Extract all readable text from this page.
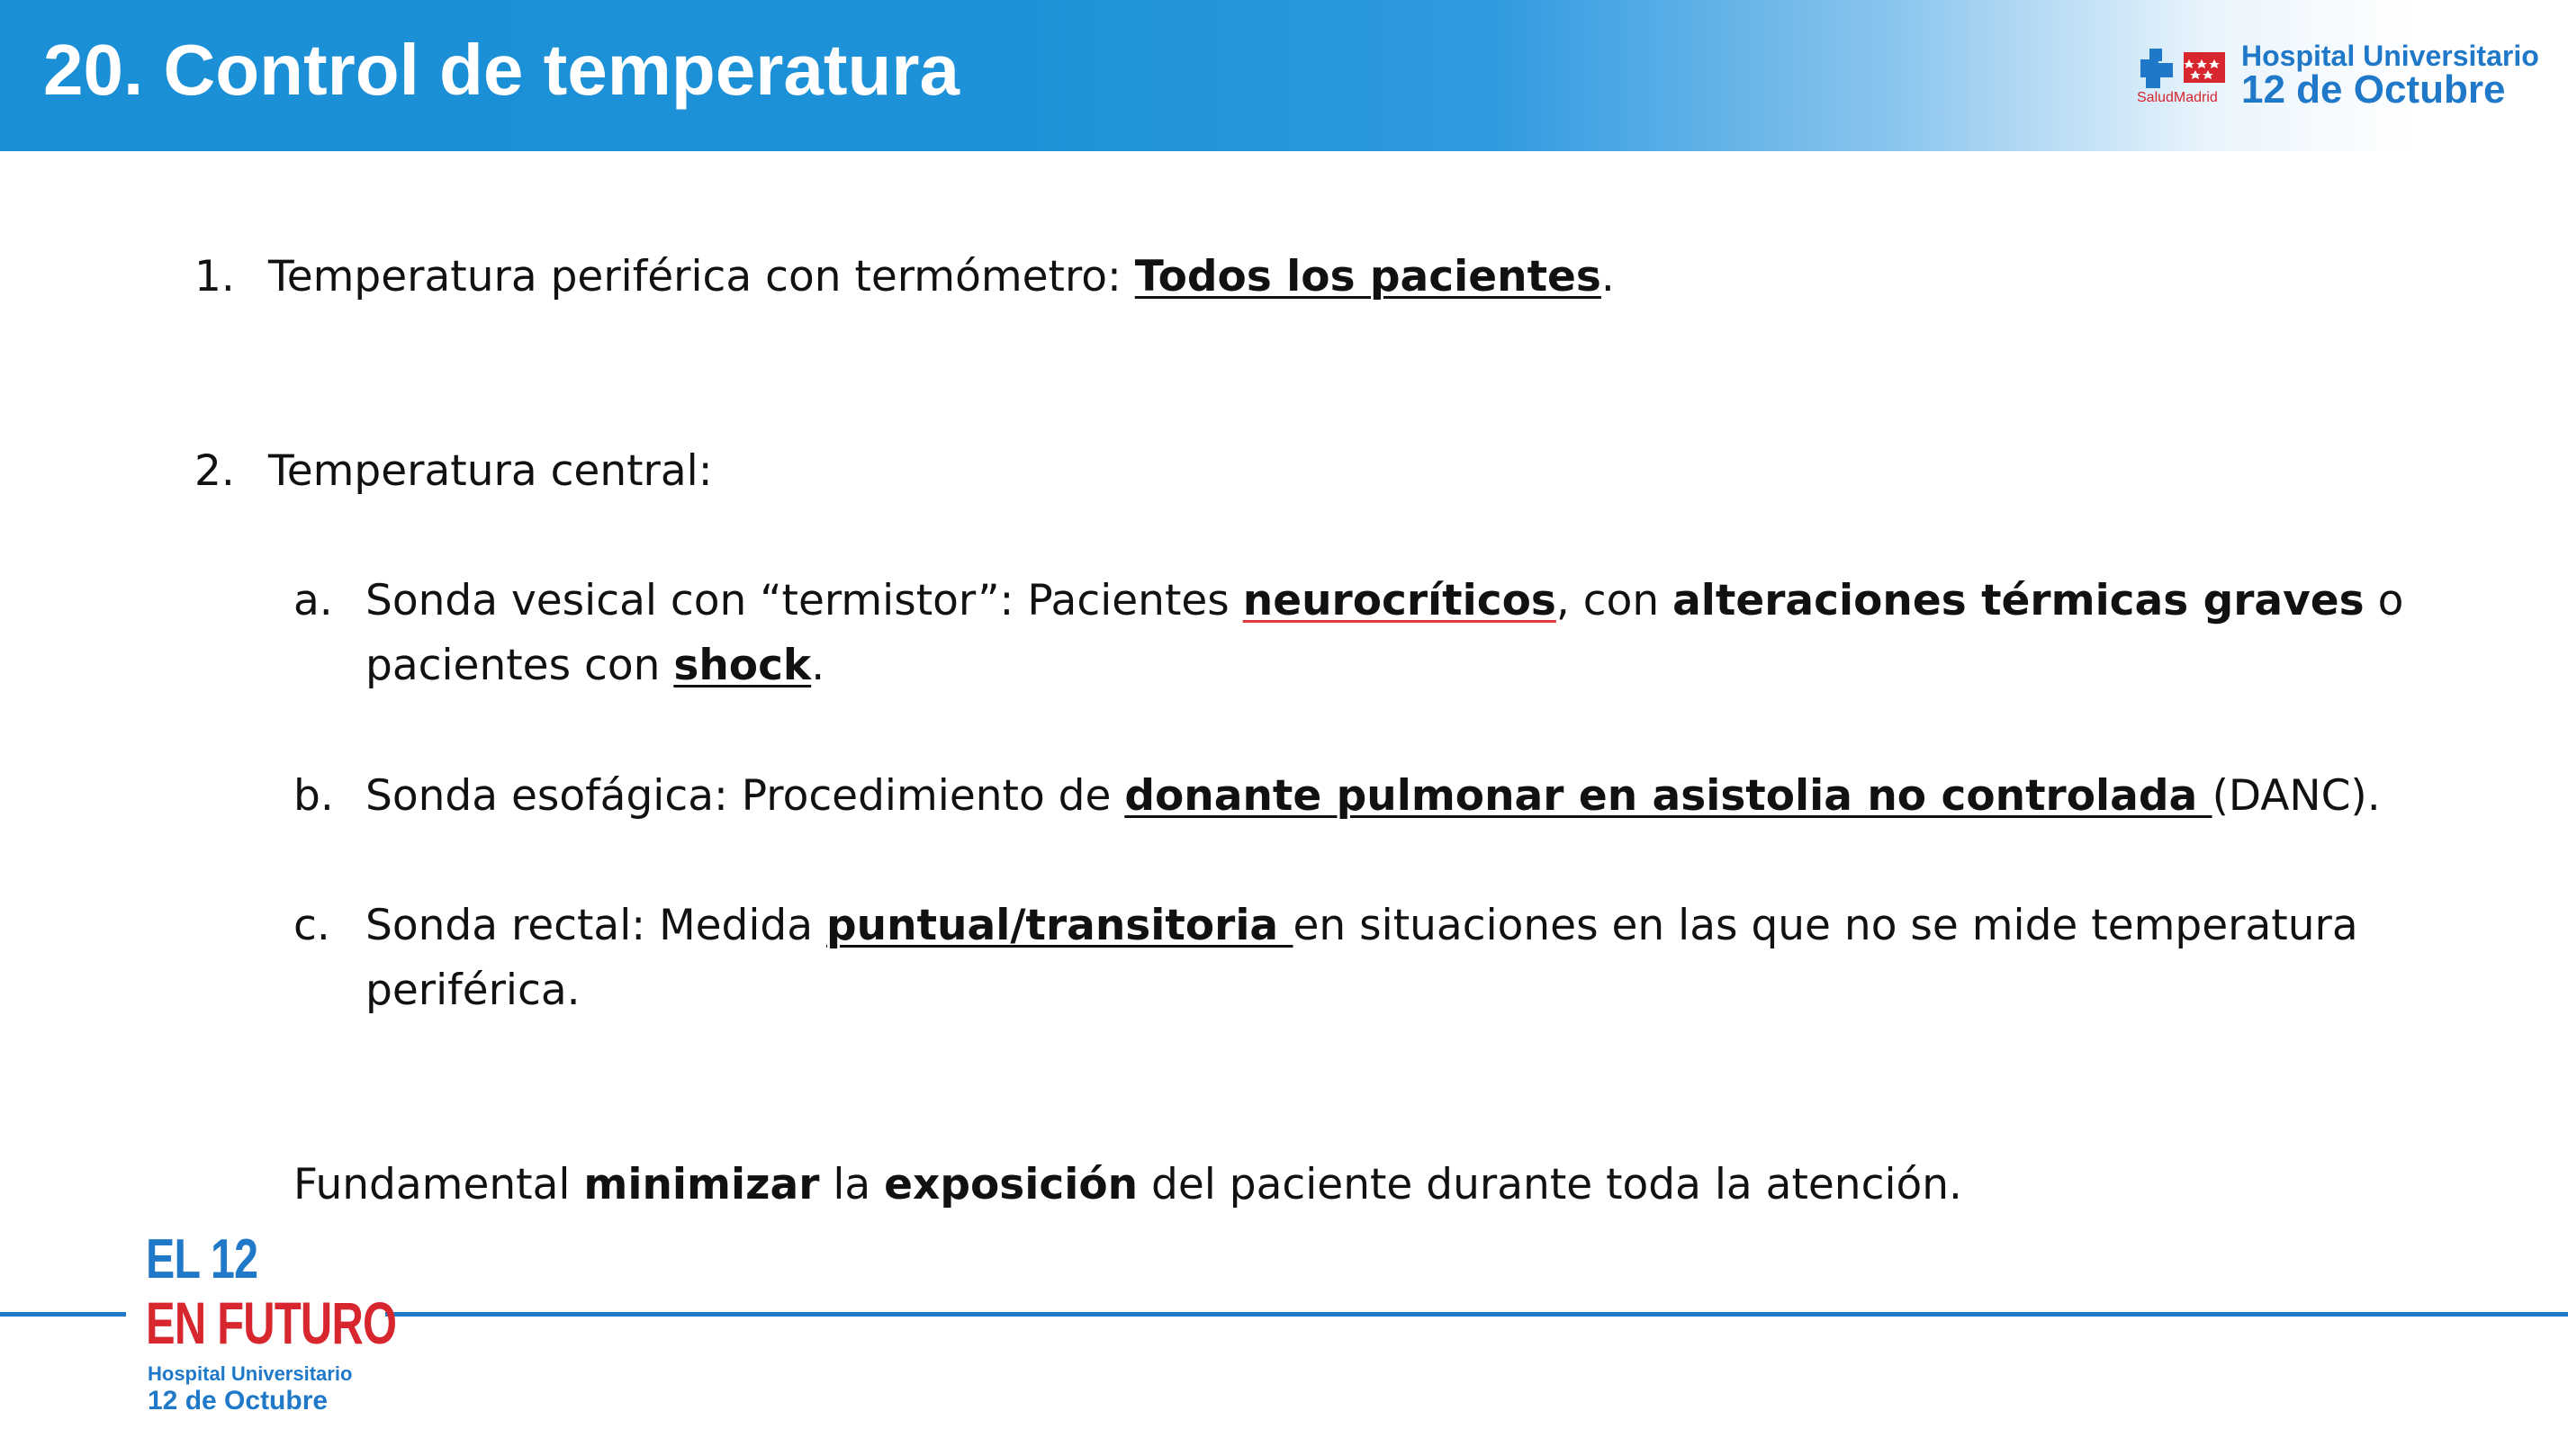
20. Control de temperatura	SaludMadrid
Hospital Universitario
12 de Octubre
1. Temperatura periférica con termómetro: Todos los pacientes.
2. Temperatura central:
a. Sonda vesical con “termistor”: Pacientes neurocríticos, con alteraciones térmicas graves o
pacientes con shock.
b. Sonda esofágica: Procedimiento de donante pulmonar en asistolia no controlada (DANC).
c. Sonda rectal: Medida puntual/transitoria en situaciones en las que no se mide temperatura
periférica.
Fundamental minimizar la exposición del paciente durante toda la atención.
EL 12
EN FUTURO
Hospital Universitario
12 de Octubre
